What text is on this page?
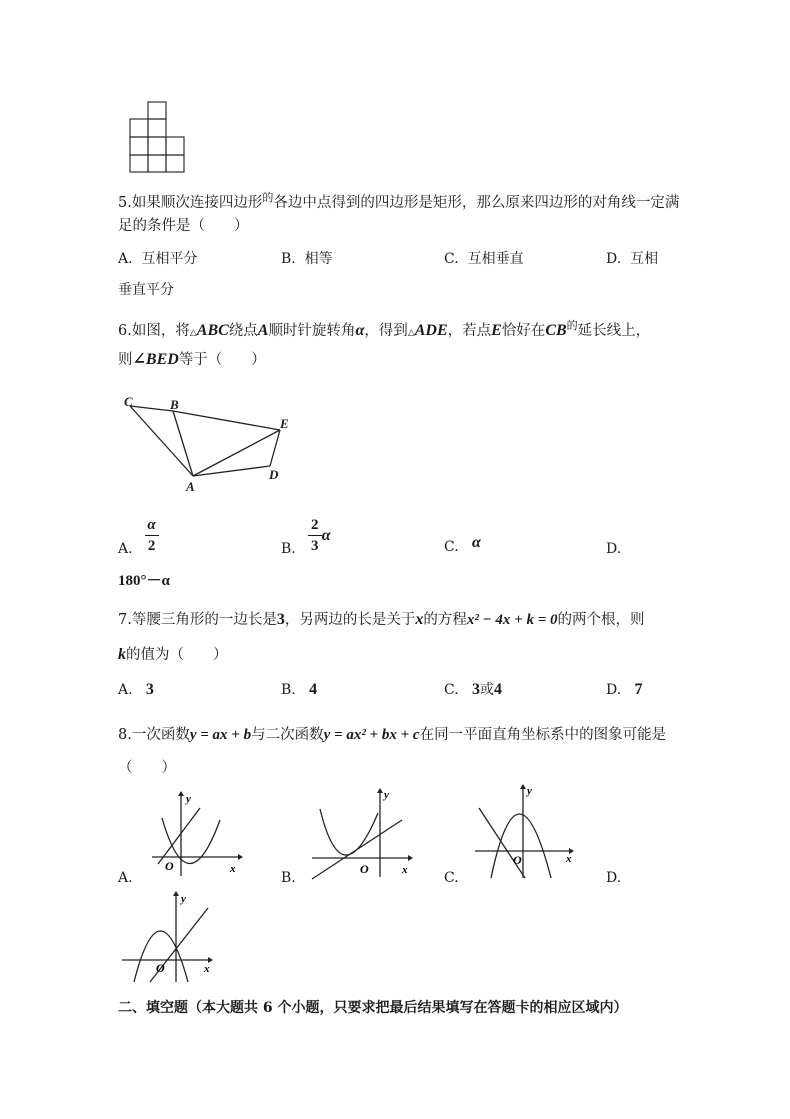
5.如果顺次连接四边形$^的$各边中点得到的四边形是矩形，那么原来四边形的对角线一定满
足的条件是（　　）
A. 互相平分	B. 相等	C. 互相垂直	D. 互相
垂直平分
6.如图，将△ABC绕点A顺时针旋转角α，得到△ADE，若点E恰好在$CB^的$延长线上，
则∠BED等于（　　）
C	B
E
A
D
A. $\frac{\alpha}{2}$	B. $\frac{2}{3}$ α
C. α	D.
180°－α
7.等腰三角形的一边长是3，另两边的长是关于x的方程x² − 4x + k = 0的两个根，则
k的值为（　　）
A. 3	B. 4	C. 3或4	D. 7
8.一次函数y = ax + b与二次函数y = ax² + bx + c在同一平面直角坐标系中的图象可能是
（　　）
y
x
O
A.
y
x
O
B.
y
x
O
C.	D.
y
x
O
二、填空题（本大题共 6 个小题，只要求把最后结果填写在答题卡的相应区域内）
